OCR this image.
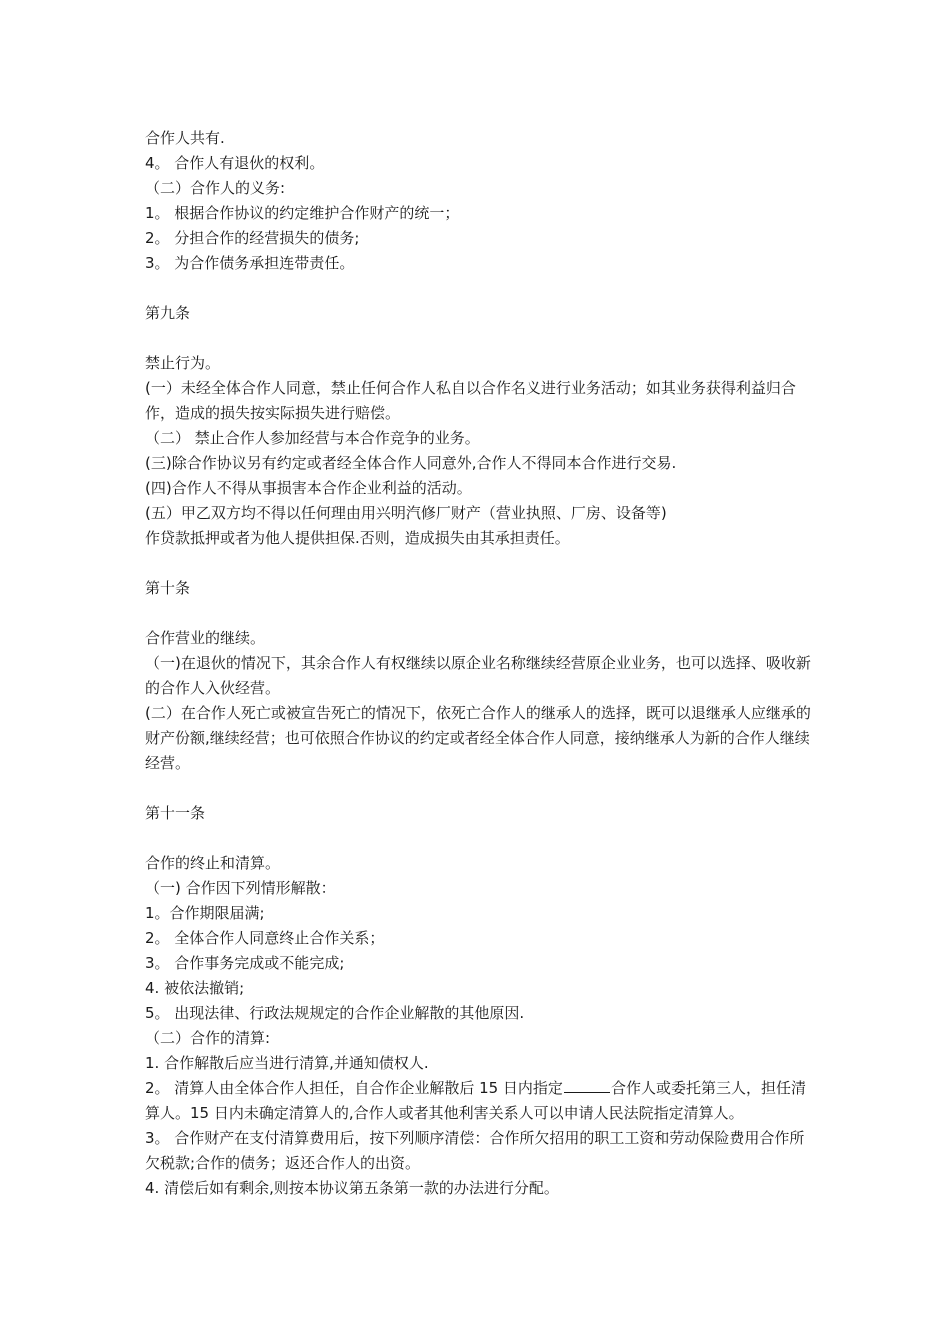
合作人共有.

4。 合作人有退伙的权利。

（二）合作人的义务:

1。 根据合作协议的约定维护合作财产的统一；

2。 分担合作的经营损失的债务;

3。 为合作债务承担连带责任。

第九条

禁止行为。

(一）未经全体合作人同意，禁止任何合作人私自以合作名义进行业务活动；如其业务获得利益归合作，造成的损失按实际损失进行赔偿。

（二） 禁止合作人参加经营与本合作竞争的业务。

(三)除合作协议另有约定或者经全体合作人同意外,合作人不得同本合作进行交易.

(四)合作人不得从事损害本合作企业利益的活动。

(五）甲乙双方均不得以任何理由用兴明汽修厂财产（营业执照、厂房、设备等)

作贷款抵押或者为他人提供担保.否则，造成损失由其承担责任。

第十条

合作营业的继续。

（一)在退伙的情况下，其余合作人有权继续以原企业名称继续经营原企业业务，也可以选择、吸收新的合作人入伙经营。

(二）在合作人死亡或被宣告死亡的情况下，依死亡合作人的继承人的选择，既可以退继承人应继承的财产份额,继续经营；也可依照合作协议的约定或者经全体合作人同意，接纳继承人为新的合作人继续经营。

第十一条

合作的终止和清算。

（一) 合作因下列情形解散：

1。合作期限届满;

2。 全体合作人同意终止合作关系；

3。 合作事务完成或不能完成;

4. 被依法撤销;

5。 出现法律、行政法规规定的合作企业解散的其他原因.

（二）合作的清算:

1. 合作解散后应当进行清算,并通知债权人.

2。 清算人由全体合作人担任，自合作企业解散后 15 日内指定	合作人或委托第三人，担任清算人。15 日内未确定清算人的,合作人或者其他利害关系人可以申请人民法院指定清算人。

3。 合作财产在支付清算费用后，按下列顺序清偿：合作所欠招用的职工工资和劳动保险费用合作所欠税款;合作的债务；返还合作人的出资。

4. 清偿后如有剩余,则按本协议第五条第一款的办法进行分配。
